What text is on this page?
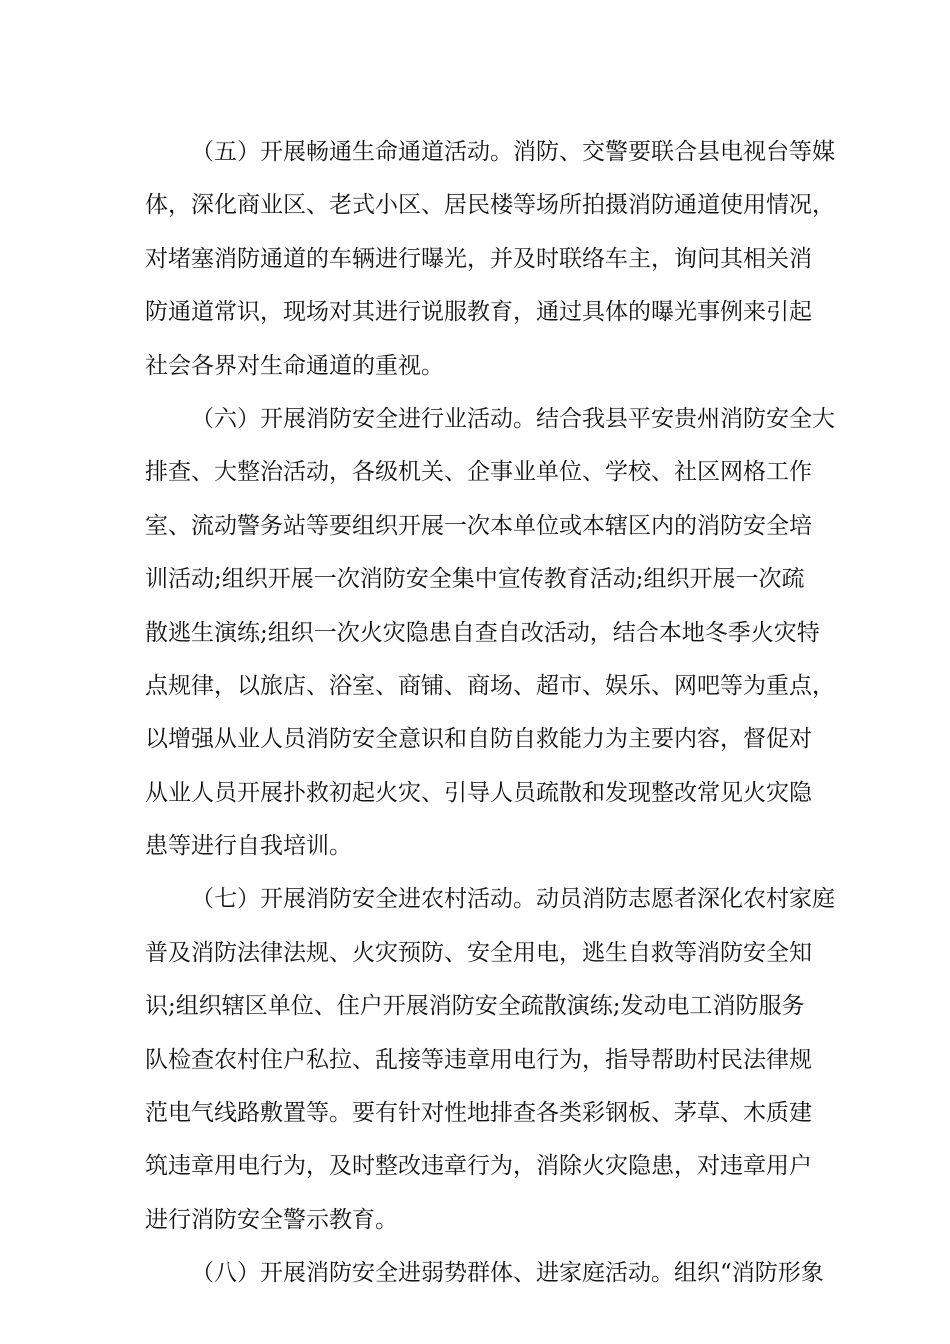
（五）开展畅通生命通道活动。消防、交警要联合县电视台等媒
体，深化商业区、老式小区、居民楼等场所拍摄消防通道使用情况，
对堵塞消防通道的车辆进行曝光，并及时联络车主，询问其相关消
防通道常识，现场对其进行说服教育，通过具体的曝光事例来引起
社会各界对生命通道的重视。
（六）开展消防安全进行业活动。结合我县平安贵州消防安全大
排查、大整治活动，各级机关、企事业单位、学校、社区网格工作
室、流动警务站等要组织开展一次本单位或本辖区内的消防安全培
训活动;组织开展一次消防安全集中宣传教育活动;组织开展一次疏
散逃生演练;组织一次火灾隐患自查自改活动，结合本地冬季火灾特
点规律，以旅店、浴室、商铺、商场、超市、娱乐、网吧等为重点，
以增强从业人员消防安全意识和自防自救能力为主要内容，督促对
从业人员开展扑救初起火灾、引导人员疏散和发现整改常见火灾隐
患等进行自我培训。
（七）开展消防安全进农村活动。动员消防志愿者深化农村家庭
普及消防法律法规、火灾预防、安全用电，逃生自救等消防安全知
识;组织辖区单位、住户开展消防安全疏散演练;发动电工消防服务
队检查农村住户私拉、乱接等违章用电行为，指导帮助村民法律规
范电气线路敷置等。要有针对性地排查各类彩钢板、茅草、木质建
筑违章用电行为，及时整改违章行为，消除火灾隐患，对违章用户
进行消防安全警示教育。
（八）开展消防安全进弱势群体、进家庭活动。组织“消防形象
